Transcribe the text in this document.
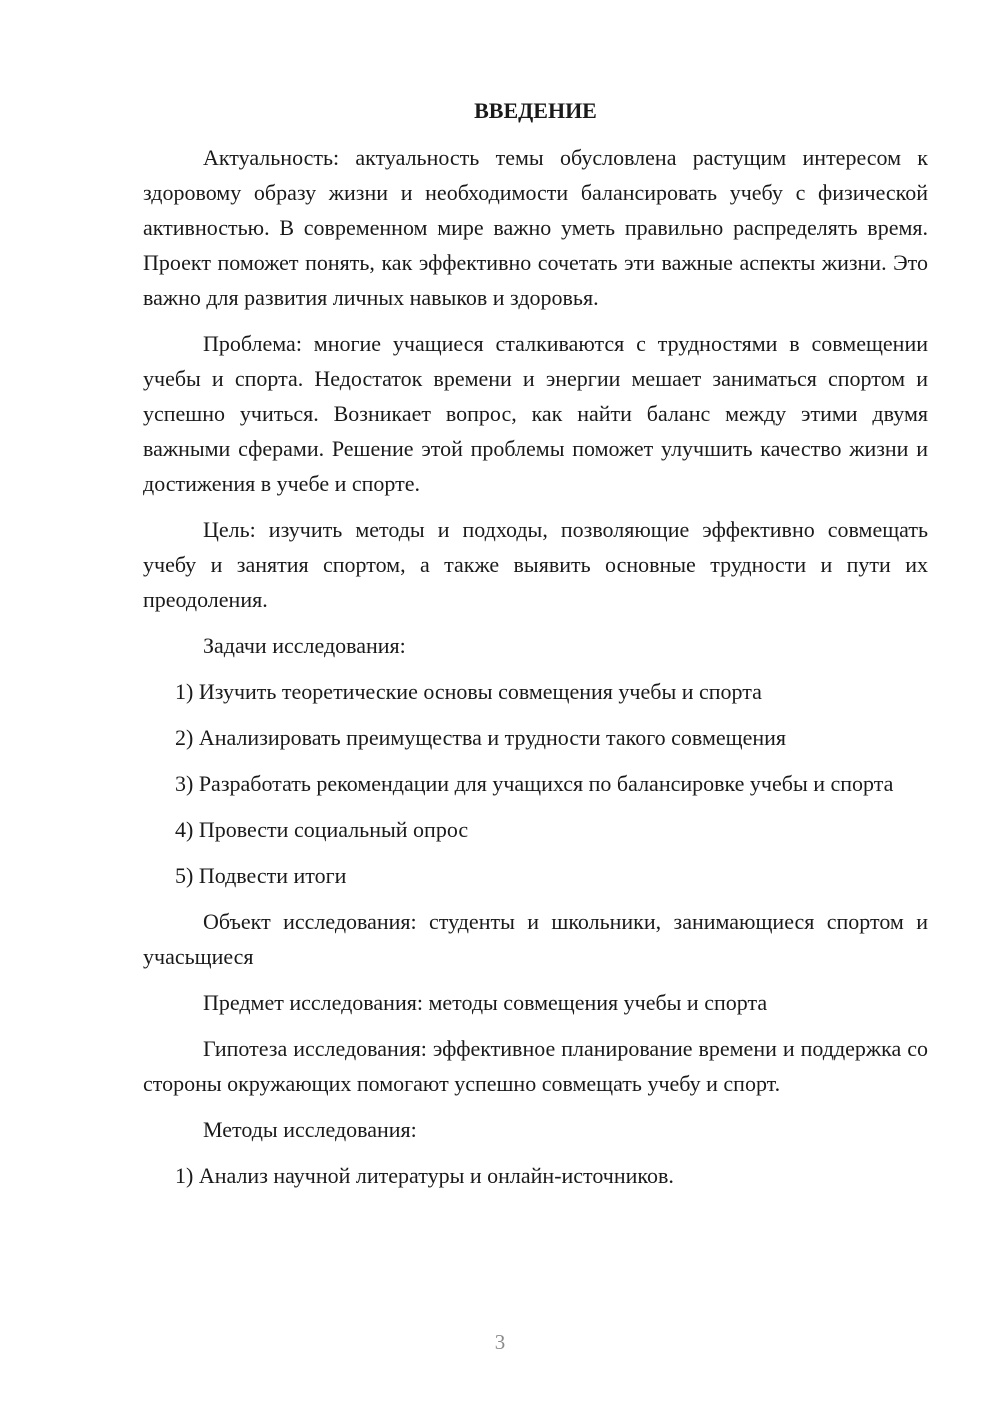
ВВЕДЕНИЕ

Актуальность: актуальность темы обусловлена растущим интересом к здоровому образу жизни и необходимости балансировать учебу с физической активностью. В современном мире важно уметь правильно распределять время. Проект поможет понять, как эффективно сочетать эти важные аспекты жизни. Это важно для развития личных навыков и здоровья.

Проблема: многие учащиеся сталкиваются с трудностями в совмещении учебы и спорта. Недостаток времени и энергии мешает заниматься спортом и успешно учиться. Возникает вопрос, как найти баланс между этими двумя важными сферами. Решение этой проблемы поможет улучшить качество жизни и достижения в учебе и спорте.

Цель: изучить методы и подходы, позволяющие эффективно совмещать учебу и занятия спортом, а также выявить основные трудности и пути их преодоления.

Задачи исследования:

1) Изучить теоретические основы совмещения учебы и спорта

2) Анализировать преимущества и трудности такого совмещения

3) Разработать рекомендации для учащихся по балансировке учебы и спорта

4) Провести социальный опрос

5) Подвести итоги

Объект исследования: студенты и школьники, занимающиеся спортом и учасьщиеся

Предмет исследования: методы совмещения учебы и спорта

Гипотеза исследования: эффективное планирование времени и поддержка со стороны окружающих помогают успешно совмещать учебу и спорт.

Методы исследования:

1) Анализ научной литературы и онлайн-источников.

3
